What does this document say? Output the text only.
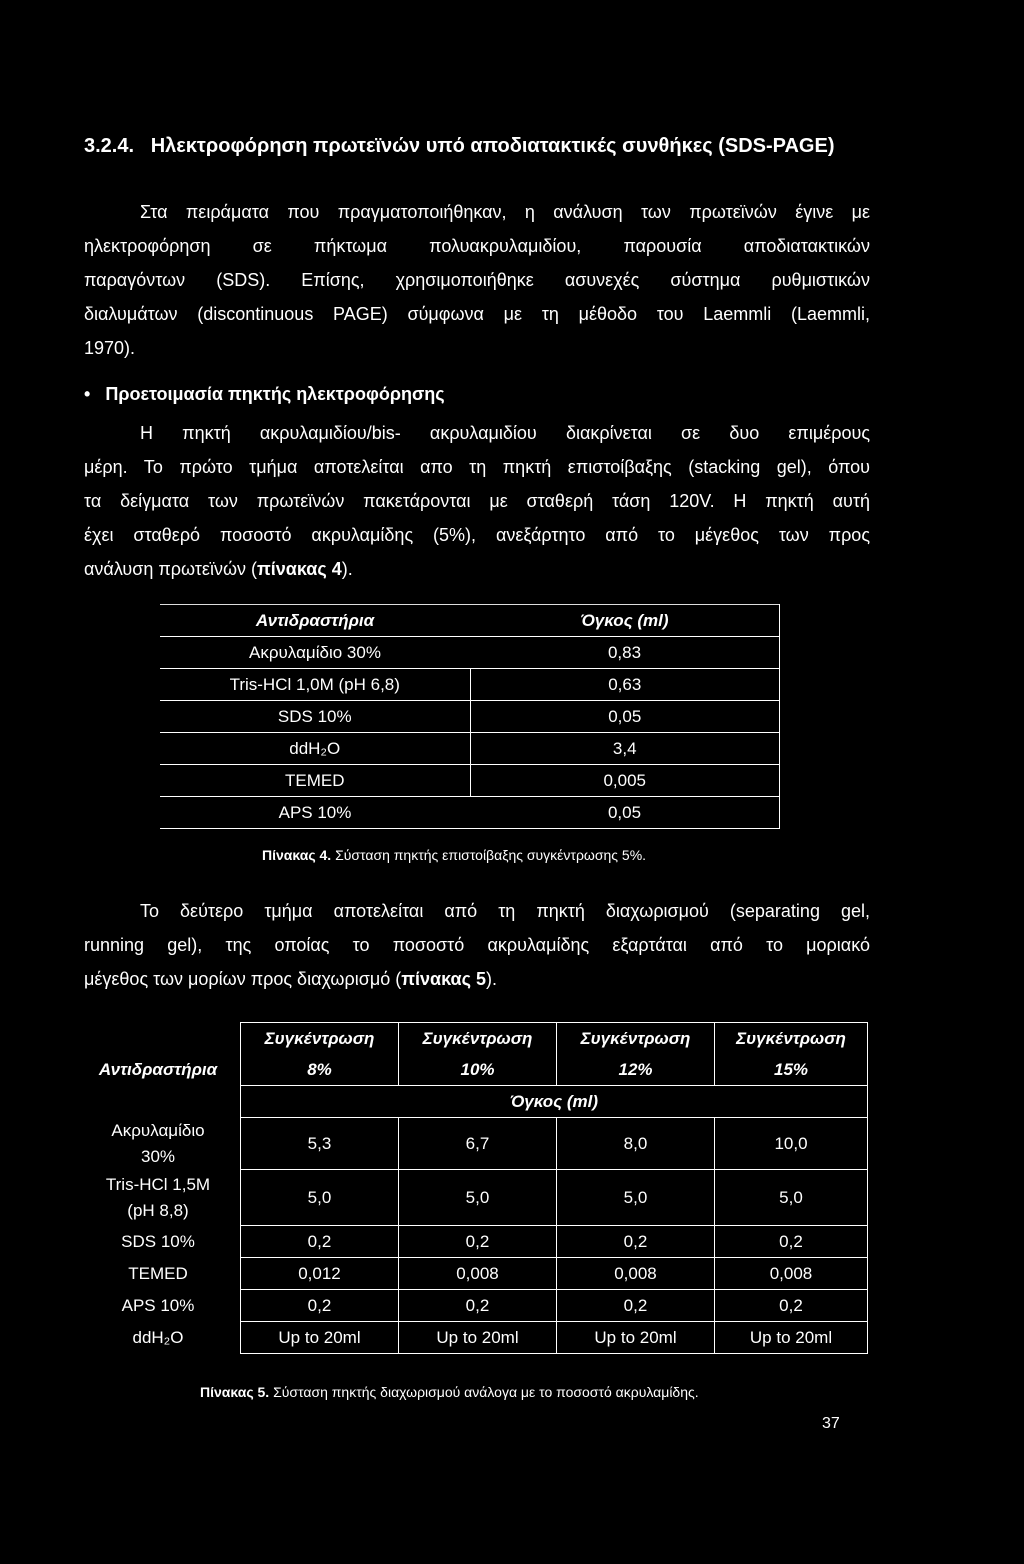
3.2.4. Ηλεκτροφόρηση πρωτεϊνών υπό αποδιατακτικές συνθήκες (SDS-PAGE)
Στα πειράματα που πραγματοποιήθηκαν, η ανάλυση των πρωτεϊνών έγινε με
ηλεκτροφόρηση σε πήκτωμα πολυακρυλαμιδίου, παρουσία αποδιατακτικών
παραγόντων (SDS). Επίσης, χρησιμοποιήθηκε ασυνεχές σύστημα ρυθμιστικών
διαλυμάτων (discontinuous PAGE) σύμφωνα με τη μέθοδο του Laemmli (Laemmli,
1970).
• Προετοιμασία πηκτής ηλεκτροφόρησης
Η πηκτή ακρυλαμιδίου/bis- ακρυλαμιδίου διακρίνεται σε δυο επιμέρους
μέρη. Το πρώτο τμήμα αποτελείται απο τη πηκτή επιστοίβαξης (stacking gel), όπου
τα δείγματα των πρωτεϊνών πακετάρονται με σταθερή τάση 120V. Η πηκτή αυτή
έχει σταθερό ποσοστό ακρυλαμίδης (5%), ανεξάρτητο από το μέγεθος των προς
ανάλυση πρωτεϊνών (πίνακας 4).
Αντιδραστήρια	Όγκος (ml)
Ακρυλαμίδιο 30%	0,83
Tris-HCl 1,0M (pH 6,8)	0,63
SDS 10%	0,05
ddH₂O	3,4
TEMED	0,005
APS 10%	0,05
Πίνακας 4. Σύσταση πηκτής επιστοίβαξης συγκέντρωσης 5%.
Το δεύτερο τμήμα αποτελείται από τη πηκτή διαχωρισμού (separating gel,
running gel), της οποίας το ποσοστό ακρυλαμίδης εξαρτάται από το μοριακό
μέγεθος των μορίων προς διαχωρισμό (πίνακας 5).
Αντιδραστήρια	Συγκέντρωση	Συγκέντρωση	Συγκέντρωση	Συγκέντρωση
	8%	10%	12%	15%
	Όγκος (ml)			
Ακρυλαμίδιο
30%	5,3	6,7	8,0	10,0
Tris-HCl 1,5M
(pH 8,8)	5,0	5,0	5,0	5,0
SDS 10%	0,2	0,2	0,2	0,2
TEMED	0,012	0,008	0,008	0,008
APS 10%	0,2	0,2	0,2	0,2
ddH₂O	Up to 20ml	Up to 20ml	Up to 20ml	Up to 20ml
Πίνακας 5. Σύσταση πηκτής διαχωρισμού ανάλογα με το ποσοστό ακρυλαμίδης.
37
